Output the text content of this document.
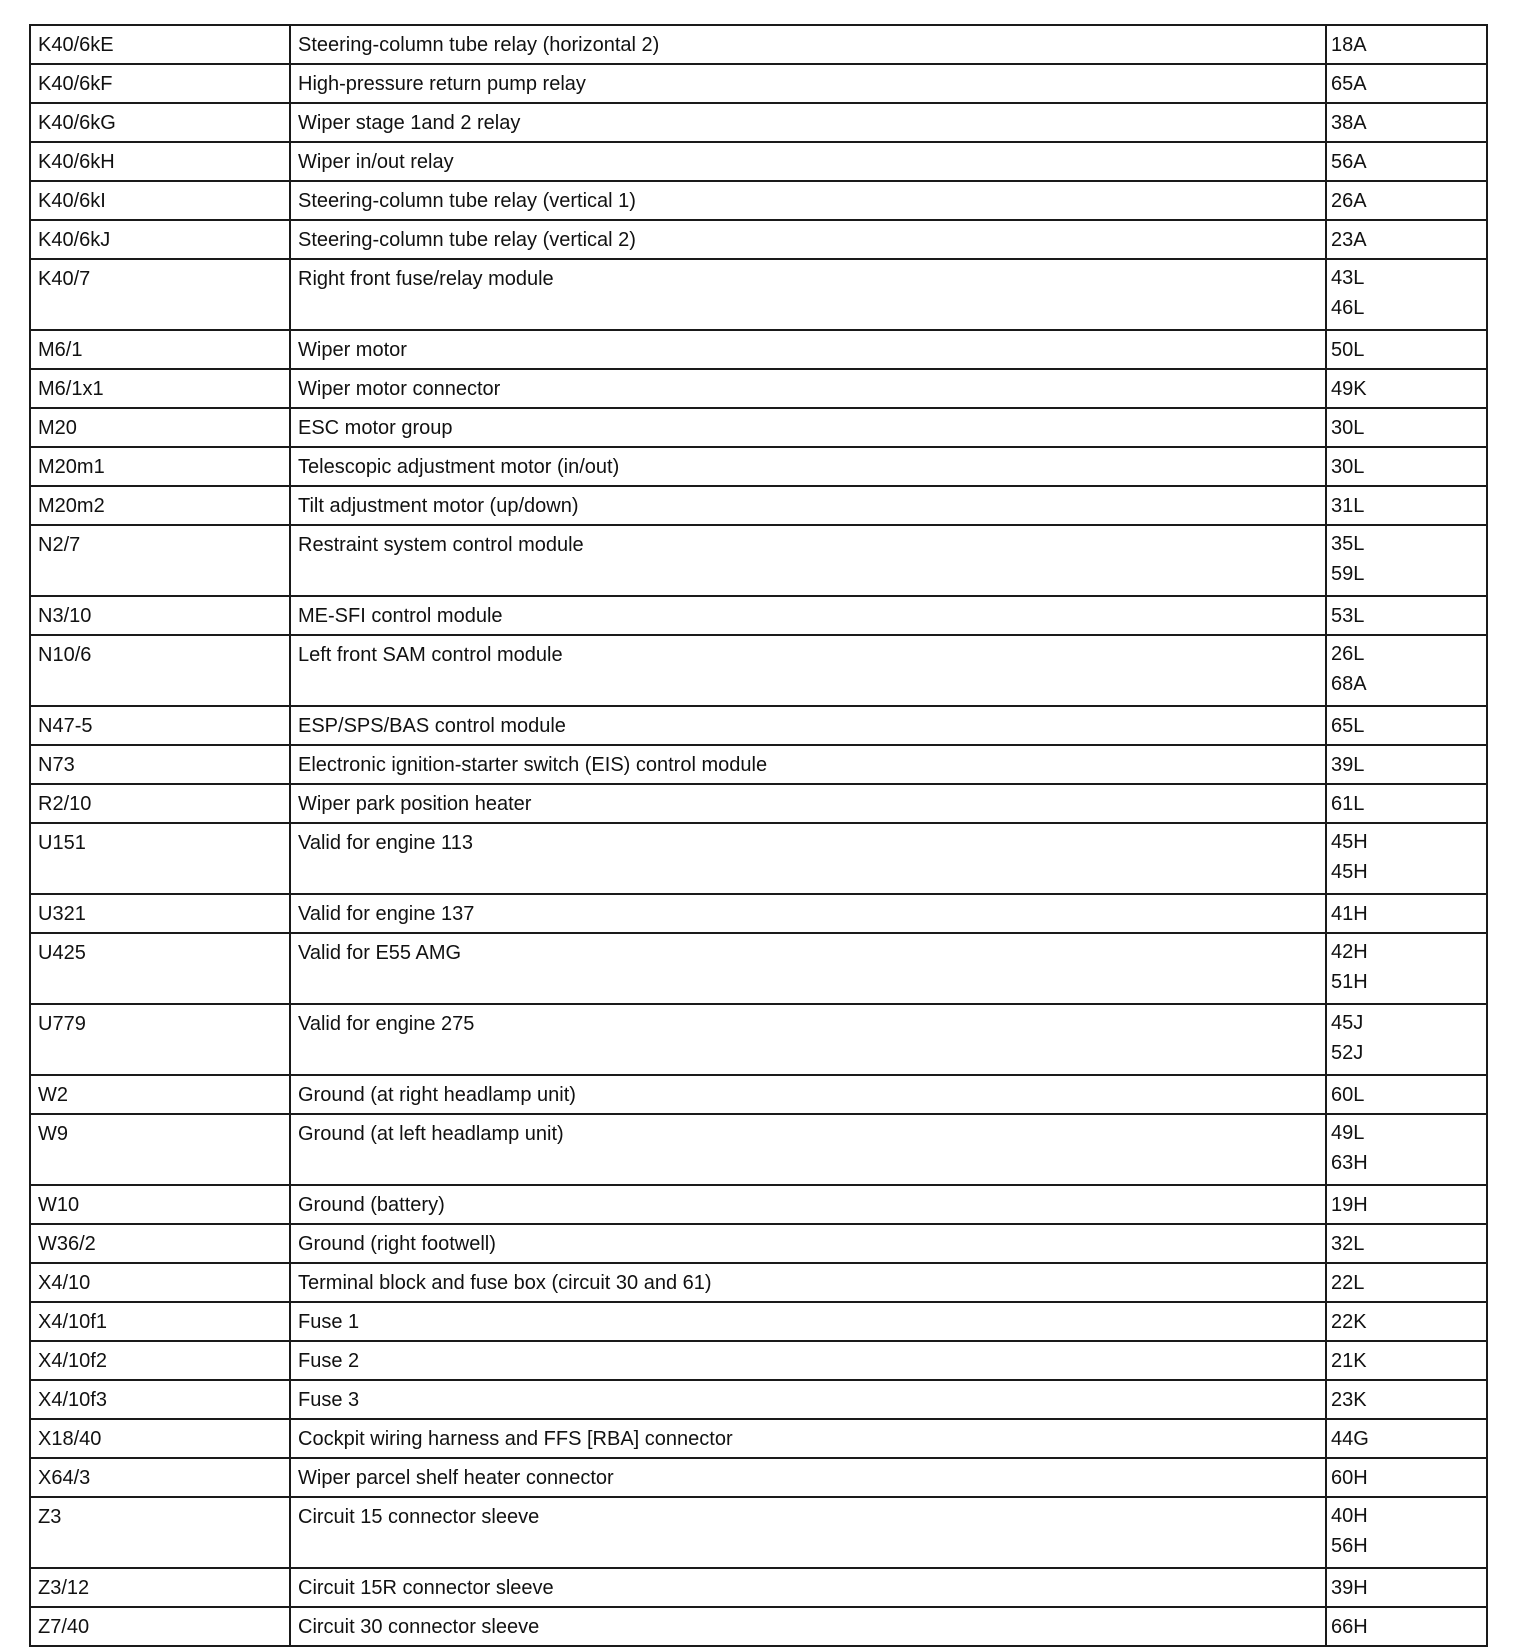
K40/6kE	Steering-column tube relay (horizontal 2)	18A

K40/6kF	High-pressure return pump relay	65A

K40/6kG	Wiper stage 1and 2 relay	38A

K40/6kH	Wiper in/out relay	56A

K40/6kI	Steering-column tube relay (vertical 1)	26A

K40/6kJ	Steering-column tube relay (vertical 2)	23A

K40/7	Right front fuse/relay module	43L
46L

M6/1	Wiper motor	50L

M6/1x1	Wiper motor connector	49K

M20	ESC motor group	30L

M20m1	Telescopic adjustment motor (in/out)	30L

M20m2	Tilt adjustment motor (up/down)	31L

N2/7	Restraint system control module	35L
59L

N3/10	ME-SFI control module	53L

N10/6	Left front SAM control module	26L
68A

N47-5	ESP/SPS/BAS control module	65L

N73	Electronic ignition-starter switch (EIS) control module	39L

R2/10	Wiper park position heater	61L

U151	Valid for engine 113	45H
45H

U321	Valid for engine 137	41H

U425	Valid for E55 AMG	42H
51H

U779	Valid for engine 275	45J
52J

W2	Ground (at right headlamp unit)	60L

W9	Ground (at left headlamp unit)	49L
63H

W10	Ground (battery)	19H

W36/2	Ground (right footwell)	32L

X4/10	Terminal block and fuse box (circuit 30 and 61)	22L

X4/10f1	Fuse 1	22K

X4/10f2	Fuse 2	21K

X4/10f3	Fuse 3	23K

X18/40	Cockpit wiring harness and FFS [RBA] connector	44G

X64/3	Wiper parcel shelf heater connector	60H

Z3	Circuit 15 connector sleeve	40H
56H

Z3/12	Circuit 15R connector sleeve	39H

Z7/40	Circuit 30 connector sleeve	66H
